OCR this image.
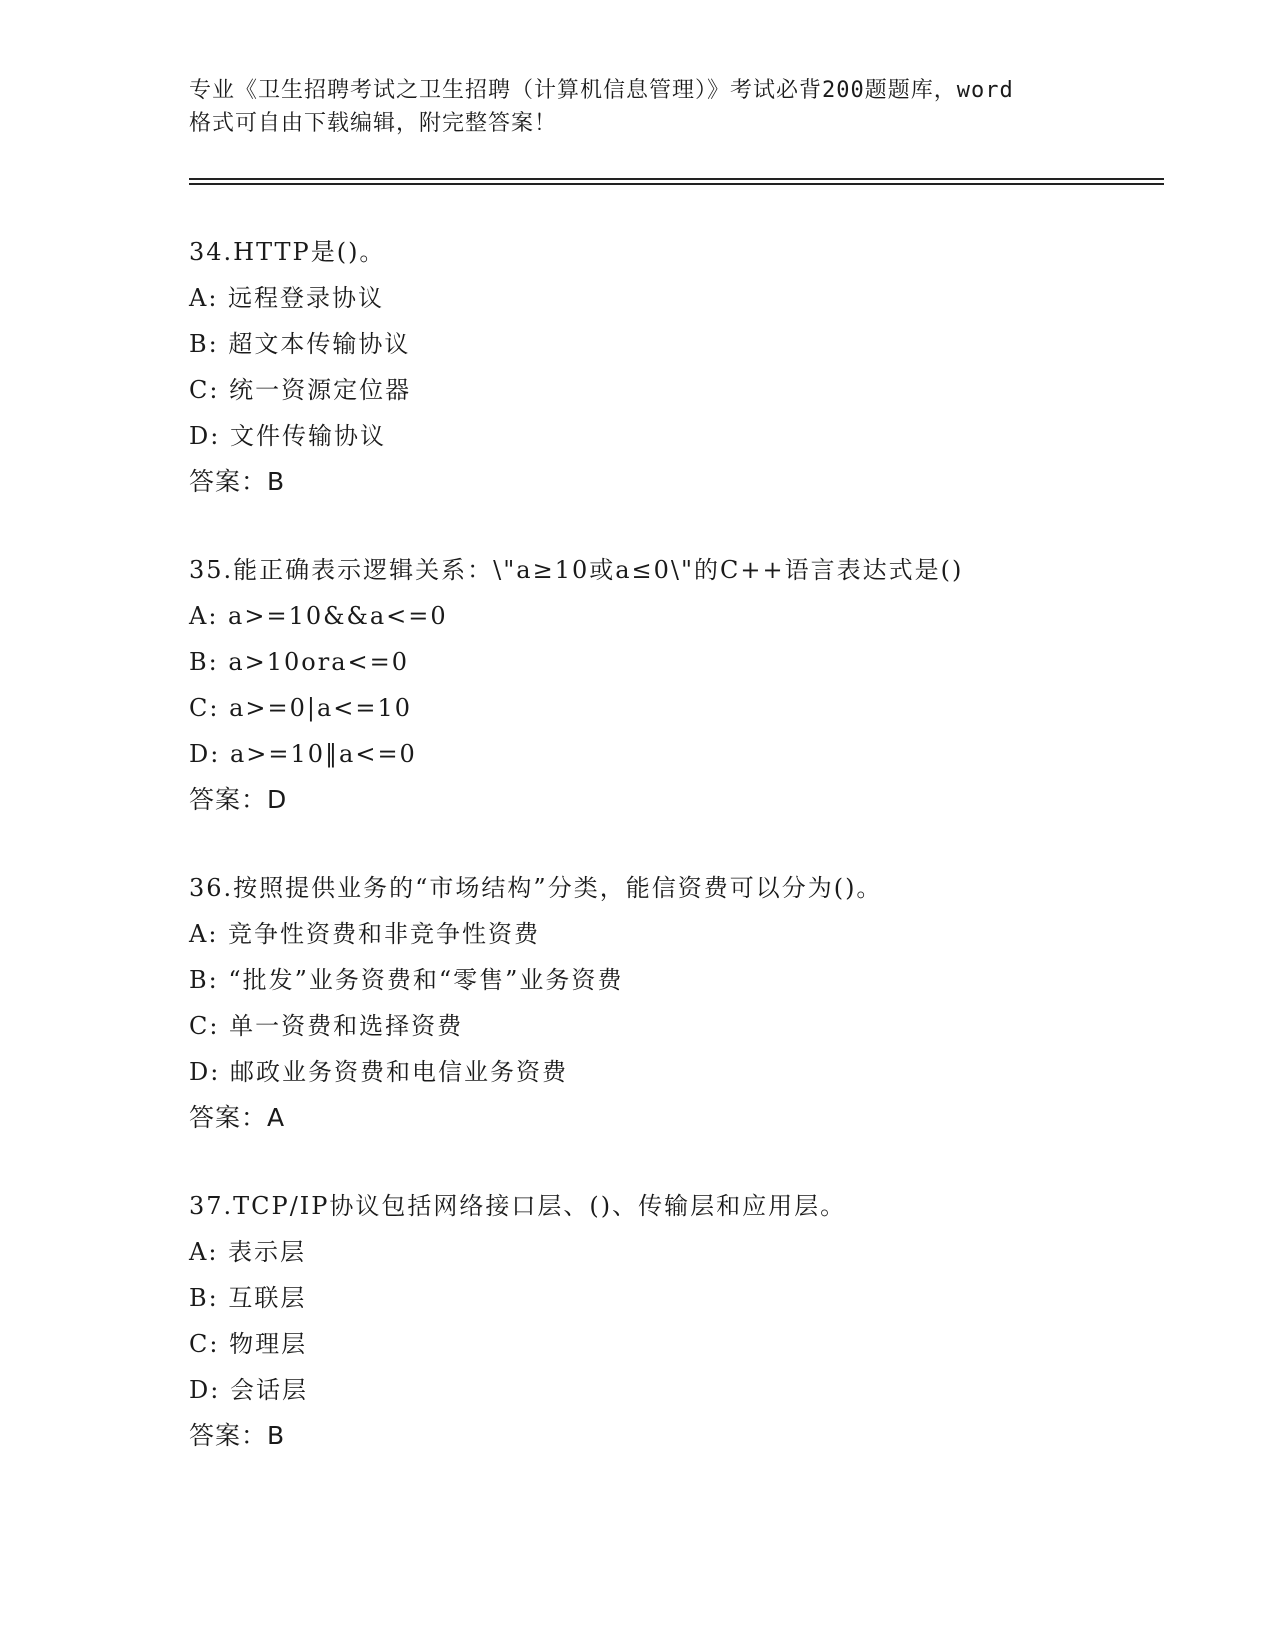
专业《卫生招聘考试之卫生招聘（计算机信息管理）》考试必背200题题库，word
格式可自由下载编辑，附完整答案！
34.HTTP是()。
A: 远程登录协议
B: 超文本传输协议
C: 统一资源定位器
D: 文件传输协议
答案：B
35.能正确表示逻辑关系：\"a≥10或a≤0\"的C++语言表达式是()
A: a>=10&&a<=0
B: a>10ora<=0
C: a>=0|a<=10
D: a>=10‖a<=0
答案：D
36.按照提供业务的“市场结构”分类，能信资费可以分为()。
A: 竞争性资费和非竞争性资费
B: “批发”业务资费和“零售”业务资费
C: 单一资费和选择资费
D: 邮政业务资费和电信业务资费
答案：A
37.TCP/IP协议包括网络接口层、()、传输层和应用层。
A: 表示层
B: 互联层
C: 物理层
D: 会话层
答案：B
